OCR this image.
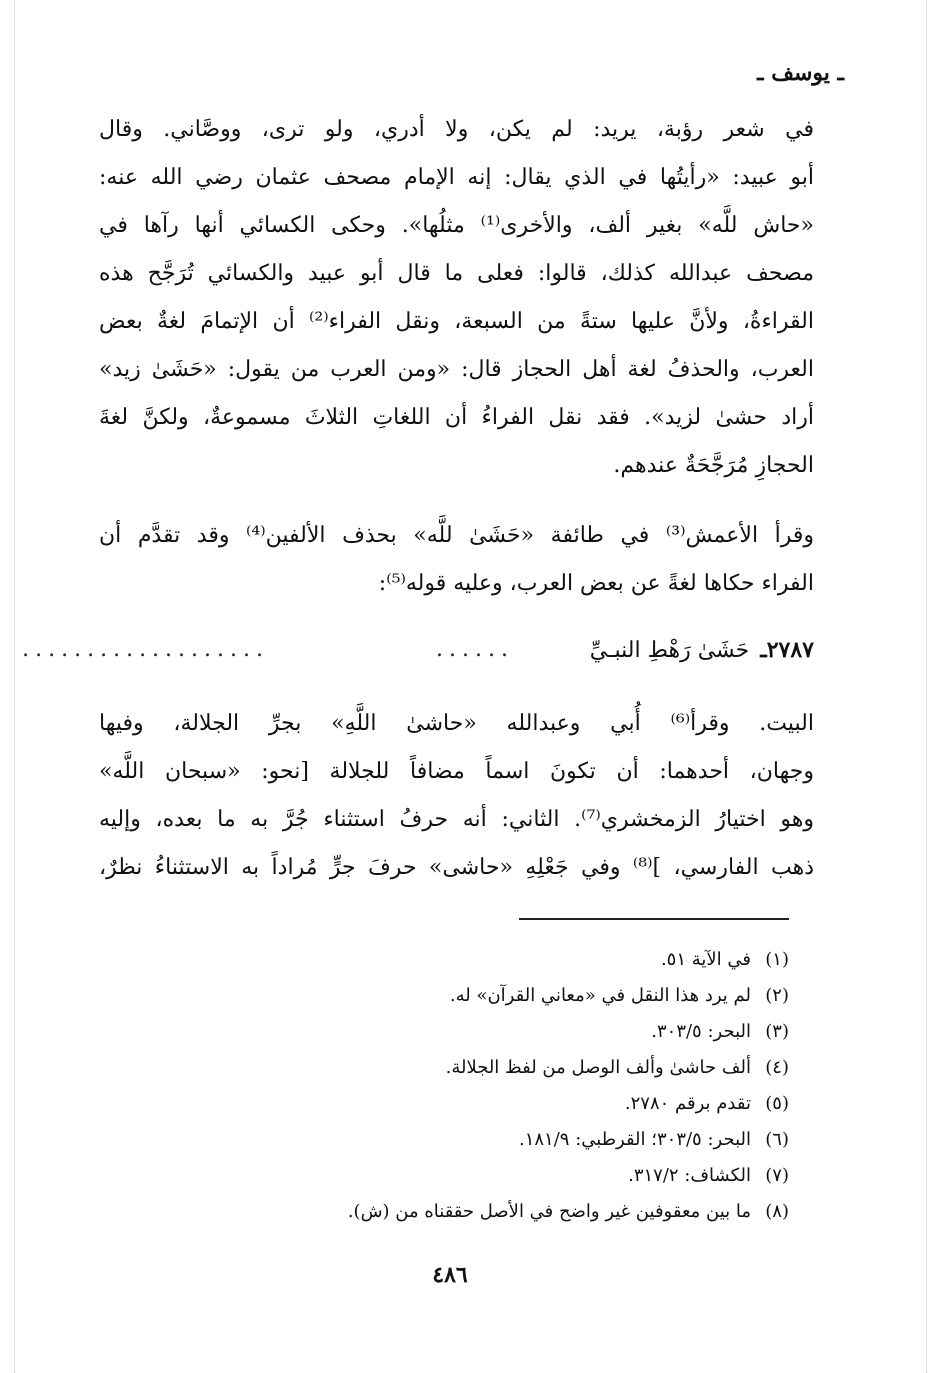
ـ يوسف ـ

في شعر رؤبة، يريد: لم يكن، ولا أدري، ولو ترى، ووصَّاني. وقال
أبو عبيد: «رأيتُها في الذي يقال: إنه الإمام مصحف عثمان رضي الله عنه:
«حاش للَّه» بغير ألف، والأخرى⁽¹⁾ مثلُها». وحكى الكسائي أنها رآها في
مصحف عبدالله كذلك، قالوا: فعلى ما قال أبو عبيد والكسائي تُرَجَّح هذه
القراءةُ، ولأنَّ عليها ستةً من السبعة، ونقل الفراء⁽²⁾ أن الإتمامَ لغةٌ بعض
العرب، والحذفُ لغة أهل الحجاز قال: «ومن العرب من يقول: «حَشَىٰ زيد»
أراد حشىٰ لزيد». فقد نقل الفراءُ أن اللغاتِ الثلاثَ مسموعةٌ، ولكنَّ لغةَ
الحجازِ مُرَجَّحَةٌ عندهم.

وقرأ الأعمش⁽³⁾ في طائفة «حَشَىٰ للَّه» بحذف الألفين⁽⁴⁾ وقد تقدَّم أن
الفراء حكاها لغةً عن بعض العرب، وعليه قوله⁽⁵⁾:

٢٧٨٧ـ حَشَىٰ رَهْطِ النبـيِّ
......
...................

البيت. وقرأ⁽⁶⁾ أُبي وعبدالله «حاشىٰ اللَّهِ» بجرِّ الجلالة، وفيها
وجهان، أحدهما: أن تكونَ اسماً مضافاً للجلالة [نحو: «سبحان اللَّه»
وهو اختيارُ الزمخشري⁽⁷⁾. الثاني: أنه حرفُ استثناء جُرَّ به ما بعده، وإليه
ذهب الفارسي، ]⁽⁸⁾ وفي جَعْلِهِ «حاشى» حرفَ جرٍّ مُراداً به الاستثناءُ نظرٌ،

(١)في الآية ٥١.
(٢)لم يرد هذا النقل في «معاني القرآن» له.
(٣)البحر: ٣٠٣/٥.
(٤)ألف حاشىٰ وألف الوصل من لفظ الجلالة.
(٥)تقدم برقم ٢٧٨٠.
(٦)البحر: ٣٠٣/٥؛ القرطبي: ١٨١/٩.
(٧)الكشاف: ٣١٧/٢.
(٨)ما بين معقوفين غير واضح في الأصل حققناه من (ش).
٤٨٦
